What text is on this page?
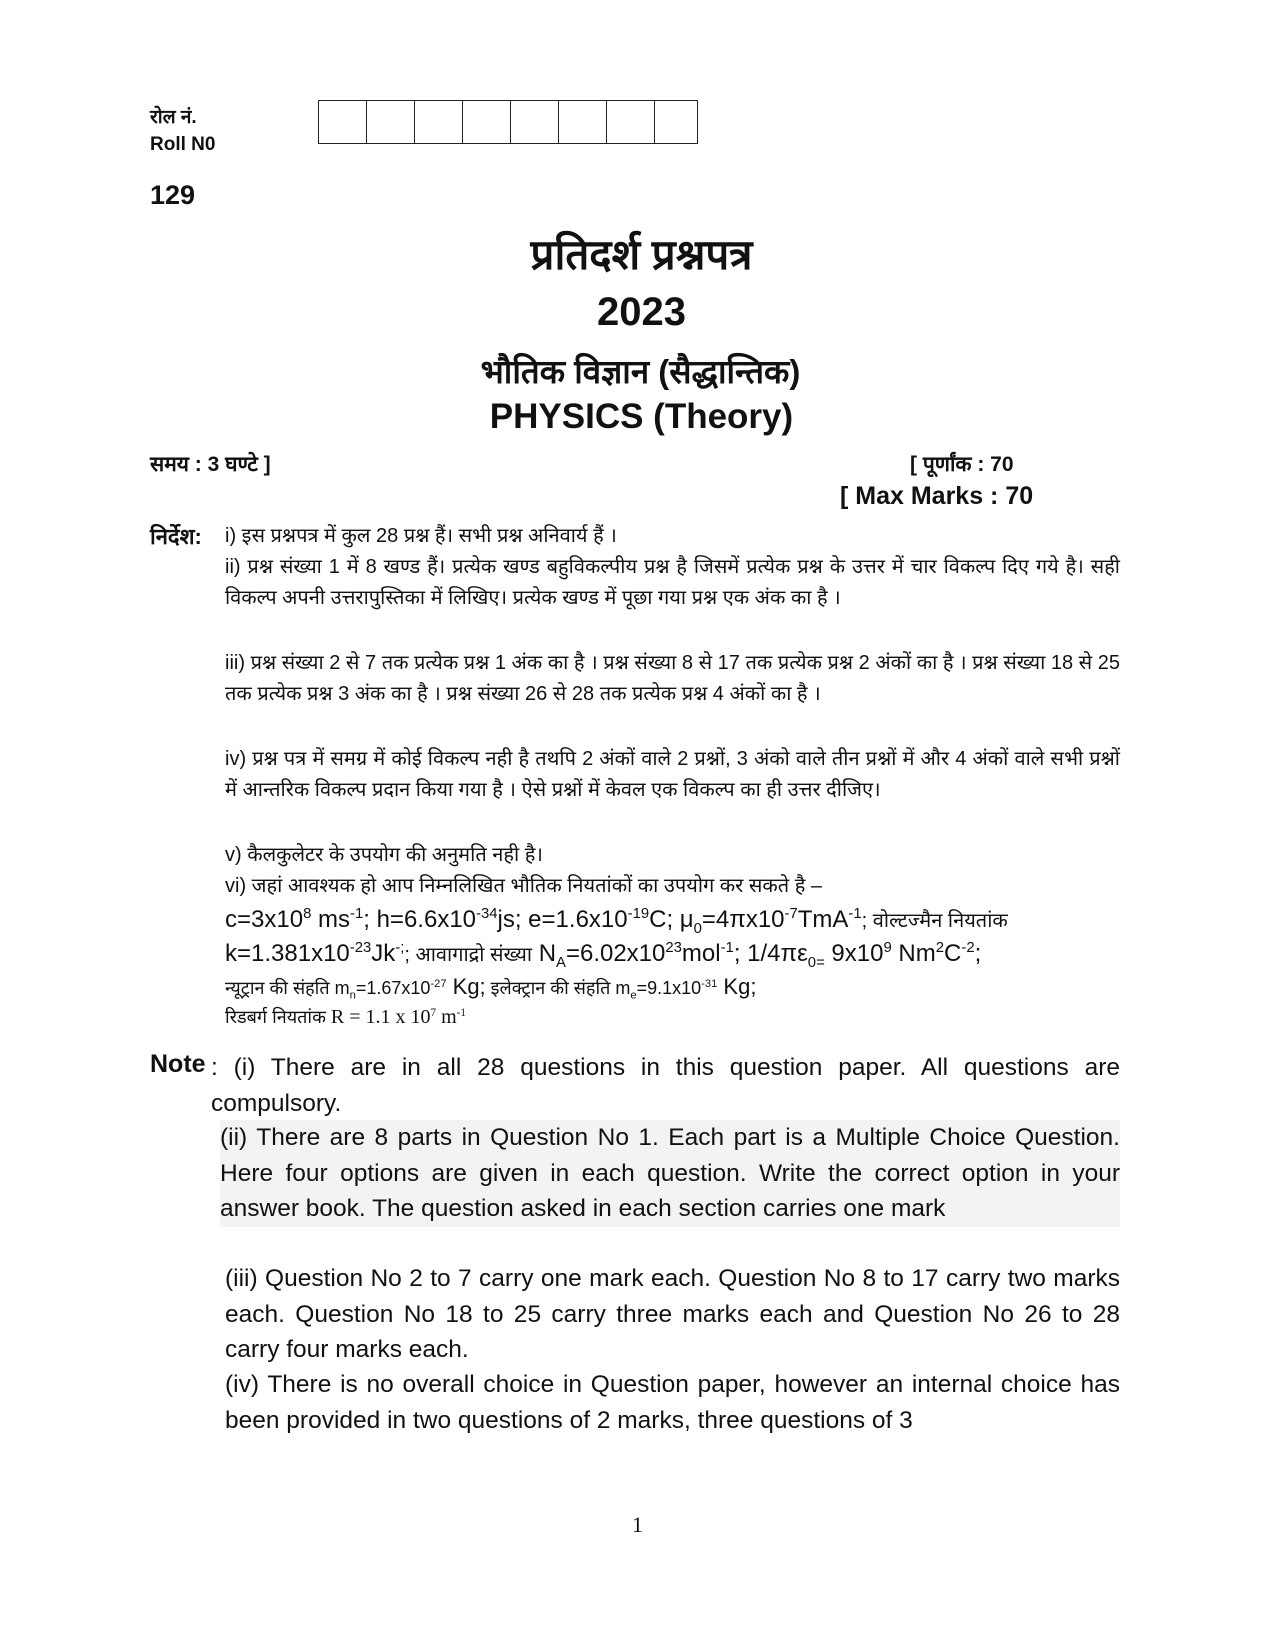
रोल नं.
Roll N0
129
प्रतिदर्श प्रश्नपत्र
2023
भौतिक विज्ञान (सैद्धान्तिक)
PHYSICS (Theory)
समय : 3 घण्टे ]	[ पूर्णांक : 70
[ Max Marks : 70
निर्देश: i) इस प्रश्नपत्र में कुल 28 प्रश्न हैं। सभी प्रश्न अनिवार्य हैं ।
ii) प्रश्न संख्या 1 में 8 खण्ड हैं। प्रत्येक खण्ड बहुविकल्पीय प्रश्न है जिसमें प्रत्येक प्रश्न के उत्तर में चार विकल्प दिए गये है। सही विकल्प अपनी उत्तरापुस्तिका में लिखिए। प्रत्येक खण्ड में पूछा गया प्रश्न एक अंक का है ।
iii) प्रश्न संख्या 2 से 7 तक प्रत्येक प्रश्न 1 अंक का है । प्रश्न संख्या 8 से 17 तक प्रत्येक प्रश्न 2 अंकों का है । प्रश्न संख्या 18 से 25 तक प्रत्येक प्रश्न 3 अंक का है । प्रश्न संख्या 26 से 28 तक प्रत्येक प्रश्न 4 अंकों का है ।
iv) प्रश्न पत्र में समग्र में कोई विकल्प नही है तथपि 2 अंकों वाले 2 प्रश्नों, 3 अंको वाले तीन प्रश्नों में और 4 अंकों वाले सभी प्रश्नों में आन्तरिक विकल्प प्रदान किया गया है । ऐसे प्रश्नों में केवल एक विकल्प का ही उत्तर दीजिए।
v) कैलकुलेटर के उपयोग की अनुमति नही है।
vi) जहां आवश्यक हो आप निम्नलिखित भौतिक नियतांकों का उपयोग कर सकते है –
$c=3x10^8$ $ms^{-1}$; $h=6.6x10^{-34}js$; $e=1.6x10^{-19}C$; $\mu_0=4\pi x10^{-7}TmA^{-1}$; वोल्टज्मैन नियतांक
$k=1.381x10^{-23}Jk^{-;}$; आवागाद्रो संख्या $N_A=6.02x10^{23}mol^{-1}$; $1/4\pi\varepsilon_{0=}$ $9x10^9$ $Nm^2C^{-2}$;
न्यूट्रान की संहति $m_n=1.67x10^{-27}$ Kg; इलेक्ट्रान की संहति $m_e=9.1x10^{-31}$ Kg;
रिडबर्ग नियतांक R = 1.1 x $10^7$ $m^{-1}$
Note : (i) There are in all 28 questions in this question paper. All questions are compulsory.
(ii) There are 8 parts in Question No 1. Each part is a Multiple Choice Question. Here four options are given in each question. Write the correct option in your answer book. The question asked in each section carries one mark
(iii) Question No 2 to 7 carry one mark each. Question No 8 to 17 carry two marks each. Question No 18 to 25 carry three marks each and Question No 26 to 28 carry four marks each.
(iv) There is no overall choice in Question paper, however an internal choice has been provided in two questions of 2 marks, three questions of 3
1
